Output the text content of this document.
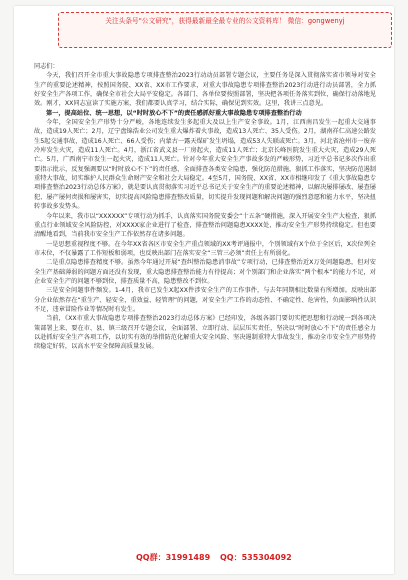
关注头条号"公文研究"，获得最新最全最专业的公文资料库！ 微信：gongwenyj

同志们：

今天，我们召开全市重大事故隐患专项排查整治2023行动动员部署专题会议，主要任务是深入贯彻落实省市领导对安全生产的重要论述精神，按照国务院、XX省、XX市工作要求，对重大事故隐患专项排查整治2023行动进行动员部署，全力抓好安全生产各项工作，确保全市社会大局平安稳定。各部门、各单位要按照部署，坚决把各项任务落实到位，确保行动落地见效。刚才，XX同志宣读了实施方案，我们都要认真学习，结合实际，确保见到实效。这里，我讲三点意见。

第一，提高站位、统一思想，以“时时放心不下”的责任感抓好重大事故隐患专项排查整治行动

今年，全国安全生产形势十分严峻，各地连续发生多起重大及以上生产安全事故。1月，江西南昌发生一起重大交通事故，造成19人死亡；2月，辽宁盘锦浩业公司发生重大爆炸着火事故，造成13人死亡、35人受伤。2月，湖南祥仁高速公路发生5起交通事故，造成16人死亡、66人受伤；内蒙古一露天煤矿发生坍塌，造成53人失联或死亡。3月，河北省沧州市一废弃冷库发生火灾，造成11人死亡。4月，浙江省武义县一厂房起火，造成11人死亡；北京长峰医院发生重大火灾，造成29人死亡。5月，广西南宁市发生一起火灾，造成11人死亡。针对今年重大安全生产事故多发的严峻形势，习近平总书记多次作出重要指示批示，反复强调要以“时时放心不下”的责任感，全面排查各类安全隐患，强化防范措施，狠抓工作落实，坚决防范遏制重特大事故，切实维护人民群众生命财产安全和社会大局稳定。4至5月，国务院、XX省、XX市相继印发了《重大事故隐患专项排查整治2023行动总体方案》，就是要认真贯彻落实习近平总书记关于安全生产的重要论述精神，以解决屡排屡改、屡查屡犯、屡产屡何责损和屡害实，切实提高风险隐患排查整改质量，切实提升发现问题和解决问题的强烈意愿和能力水平，坚决扭转事故多发势头。

今年以来，我市以“XXXXXX”专项行动为抓手，认真落实国务院安委会“十五条”硬措施，深入开展安全生产大检查，狠抓重点行业领域安全风险防控，对XXXX家企业进行了检查，排查整治问题隐患XXXX处，推动安全生产形势持续稳定。但也要清醒地看到，当前我市安全生产工作依然存在诸多问题。

一是思想重视程度不够。在今年XX省各区市安全生产重点领域的XX考评通报中，个别领域有X个位于全区后，X次位列全市末位，不仅暴露了工作短板和弱项，也反映出部门在落实安全“三管三必须”责任上有所弱化。

二是重点隐患排查精度不够。虽然今年通过开展“查纠整治隐患消事故”专项行动，已排查整治近X万处问题隐患，但对安全生产基础薄弱的问题方面还没有发现，重大隐患排查整治能力有待提高；对个别部门和企业落实“两个根本”的能力不足，对企业安全生产的问题不够到位，排查质量不高，隐患整改不到位。

三是安全问题事件频发。1-4月，我市已发生X起XX件涉安全生产的工作事件，与去年同期相比数量有所增加。反映出部分企业依然存在“重生产、轻安全，重效益、轻管理”的问题，对安全生产工作的动态性、不确定性、危害性，负面影响性认识不足，违章冒险作业等情况时有发生。

当前，《XX市重大事故隐患专项排查整治2023行动总体方案》已经印发，各级各部门要切实把思想和行动统一到各项决策部署上来，要在市、县、镇三级召开专题会议，全面部署、立即行动、层层压实责任，坚决以“时时放心不下”的责任感全力以赴抓好安全生产各项工作，以切实有效的举措防范化解重大安全风险、坚决遏制重特大事故发生，推动全市安全生产形势持续稳定好转，以高水平安全保障高质量发展。

QQ群：31991489 QQ：535304092
